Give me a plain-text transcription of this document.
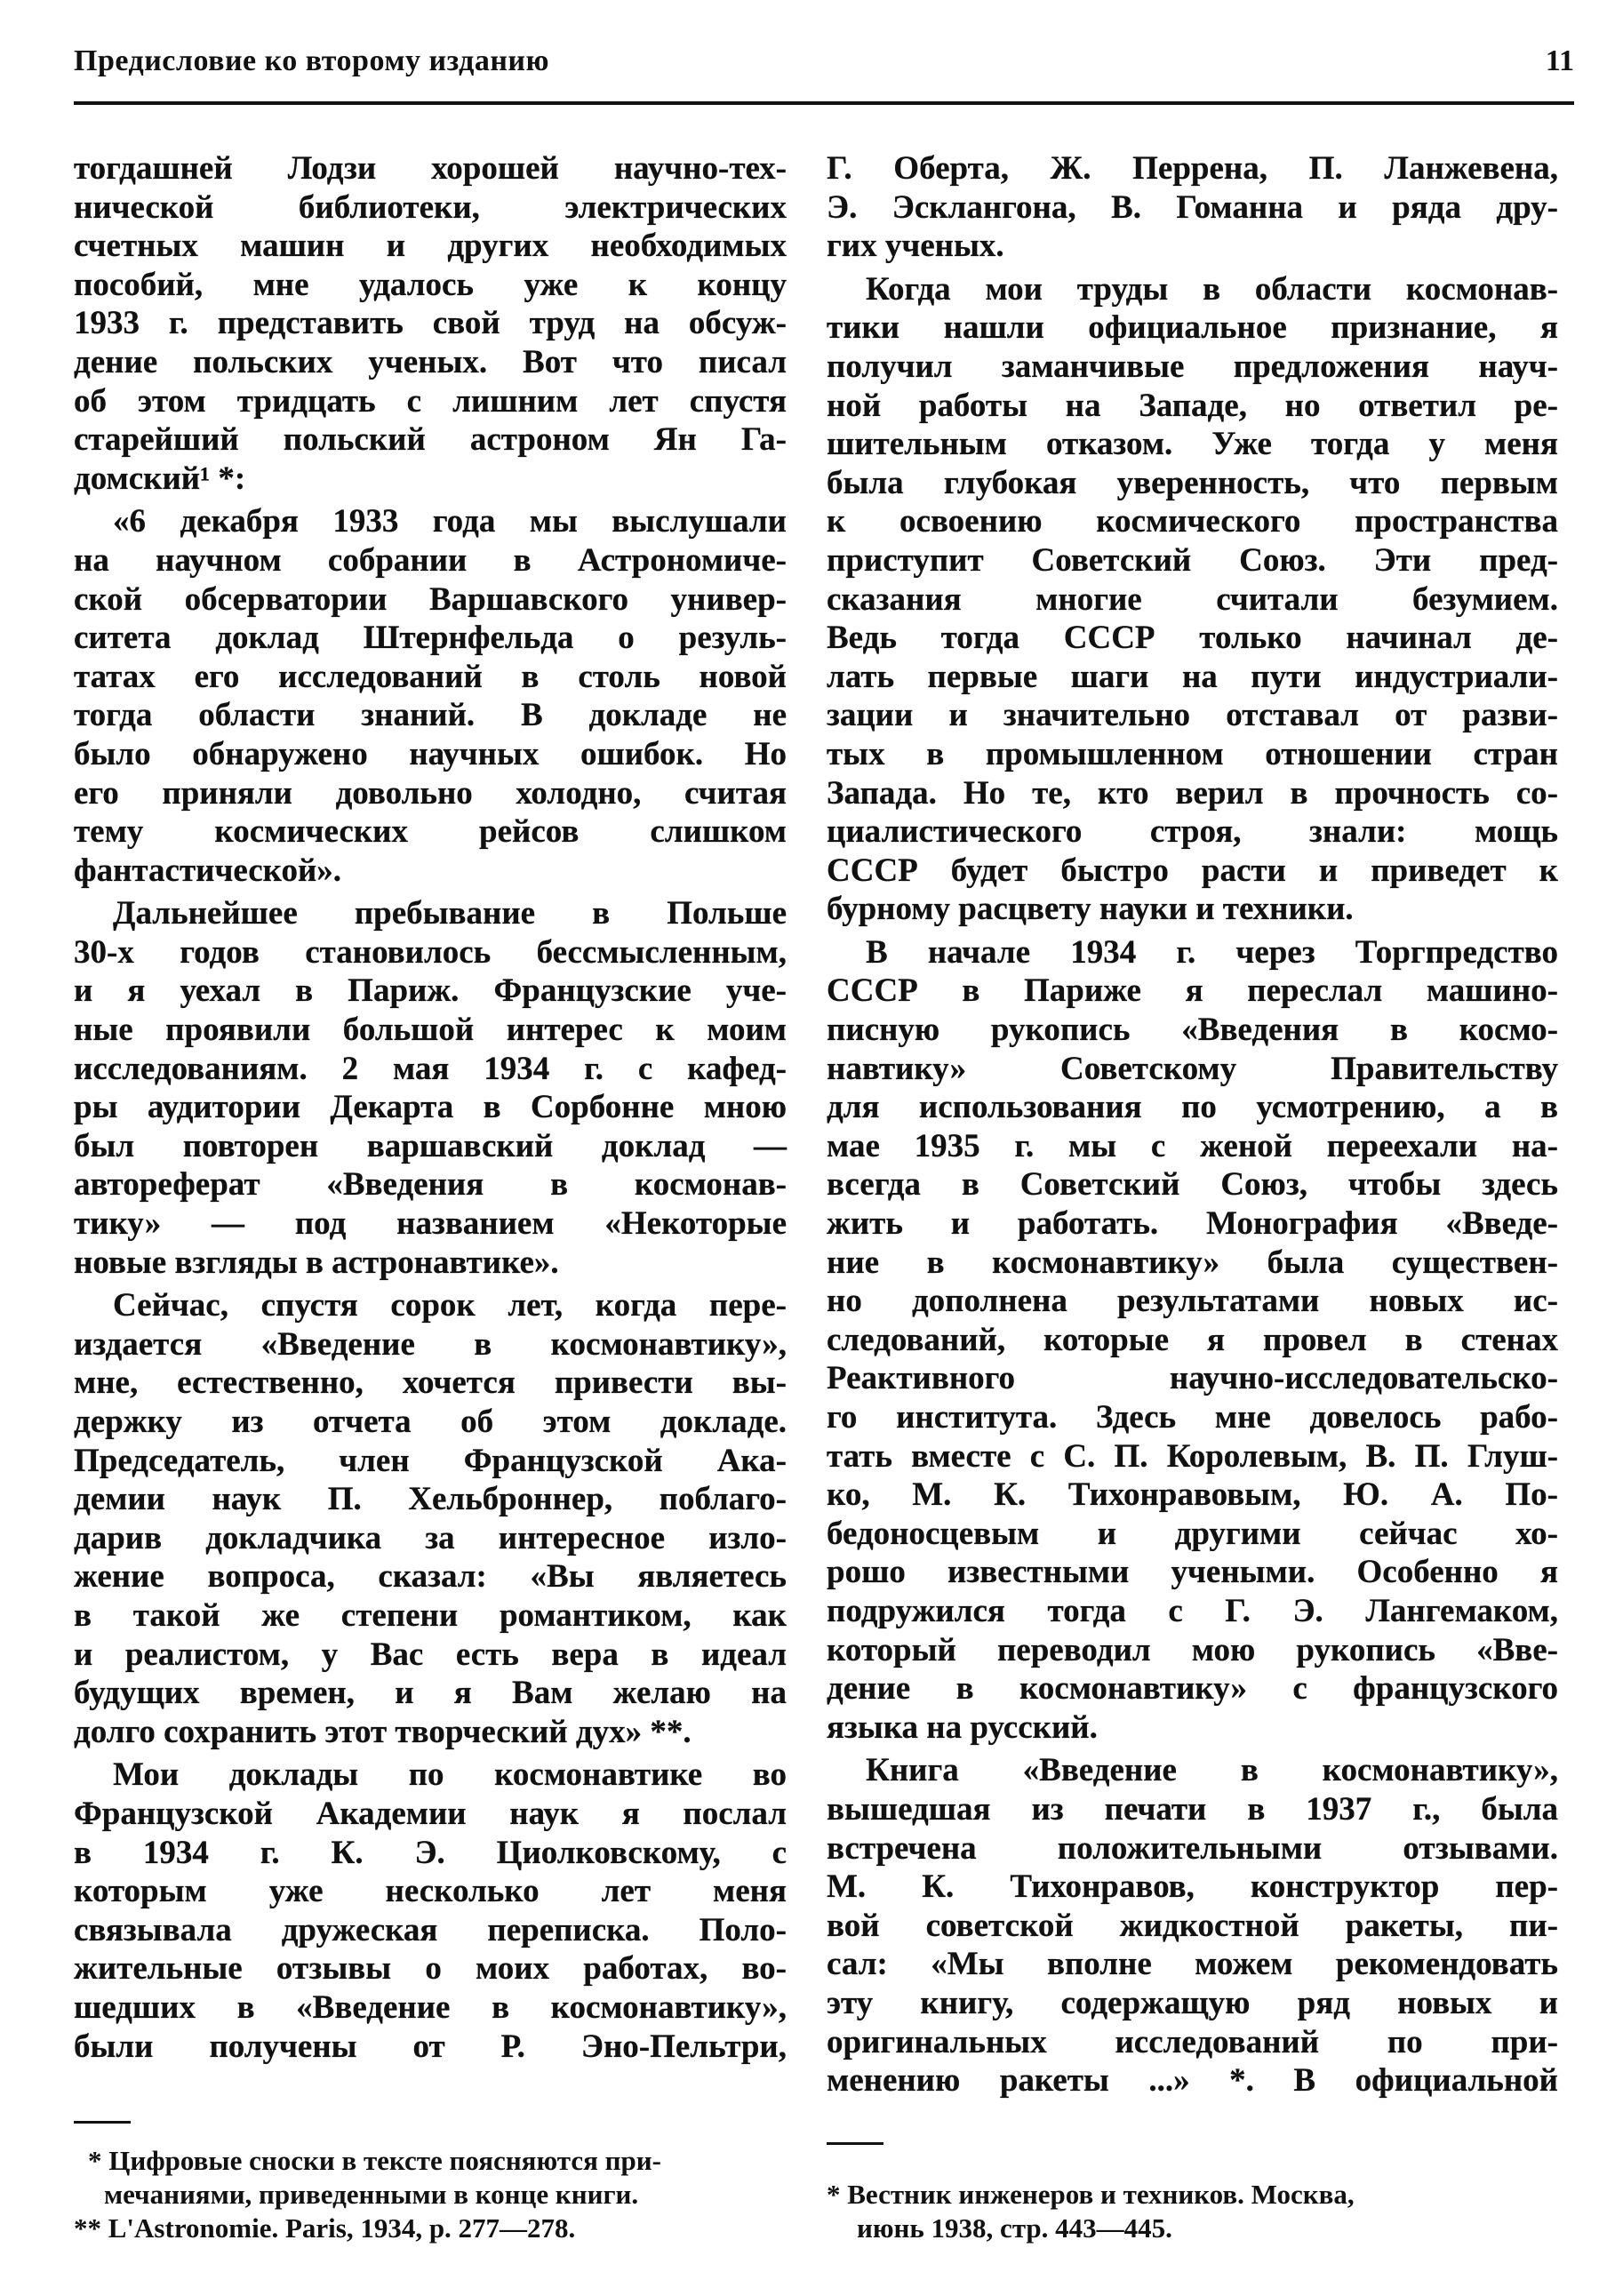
Предисловие ко второму изданию	11
тогдашней Лодзи хорошей научно-тех-
нической библиотеки, электрических
счетных машин и других необходимых
пособий, мне удалось уже к концу
1933 г. представить свой труд на обсуж-
дение польских ученых. Вот что писал
об этом тридцать с лишним лет спустя
старейший польский астроном Ян Га-
домский¹ *:
«6 декабря 1933 года мы выслушали
на научном собрании в Астрономиче-
ской обсерватории Варшавского универ-
ситета доклад Штернфельда о резуль-
татах его исследований в столь новой
тогда области знаний. В докладе не
было обнаружено научных ошибок. Но
его приняли довольно холодно, считая
тему космических рейсов слишком
фантастической».
Дальнейшее пребывание в Польше
30-х годов становилось бессмысленным,
и я уехал в Париж. Французские уче-
ные проявили большой интерес к моим
исследованиям. 2 мая 1934 г. с кафед-
ры аудитории Декарта в Сорбонне мною
был повторен варшавский доклад —
автореферат «Введения в космонав-
тику» — под названием «Некоторые
новые взгляды в астронавтике».
Сейчас, спустя сорок лет, когда пере-
издается «Введение в космонавтику»,
мне, естественно, хочется привести вы-
держку из отчета об этом докладе.
Председатель, член Французской Ака-
демии наук П. Хельброннер, поблаго-
дарив докладчика за интересное изло-
жение вопроса, сказал: «Вы являетесь
в такой же степени романтиком, как
и реалистом, у Вас есть вера в идеал
будущих времен, и я Вам желаю на
долго сохранить этот творческий дух» **.
Мои доклады по космонавтике во
Французской Академии наук я послал
в 1934 г. К. Э. Циолковскому, с
которым уже несколько лет меня
связывала дружеская переписка. Поло-
жительные отзывы о моих работах, во-
шедших в «Введение в космонавтику»,
были получены от Р. Эно-Пельтри,
Г. Оберта, Ж. Перрена, П. Ланжевена,
Э. Эсклангона, В. Гоманна и ряда дру-
гих ученых.
Когда мои труды в области космонав-
тики нашли официальное признание, я
получил заманчивые предложения науч-
ной работы на Западе, но ответил ре-
шительным отказом. Уже тогда у меня
была глубокая уверенность, что первым
к освоению космического пространства
приступит Советский Союз. Эти пред-
сказания многие считали безумием.
Ведь тогда СССР только начинал де-
лать первые шаги на пути индустриали-
зации и значительно отставал от разви-
тых в промышленном отношении стран
Запада. Но те, кто верил в прочность со-
циалистического строя, знали: мощь
СССР будет быстро расти и приведет к
бурному расцвету науки и техники.
В начале 1934 г. через Торгпредство
СССР в Париже я переслал машино-
писную рукопись «Введения в космо-
навтику» Советскому Правительству
для использования по усмотрению, а в
мае 1935 г. мы с женой переехали на-
всегда в Советский Союз, чтобы здесь
жить и работать. Монография «Введе-
ние в космонавтику» была существен-
но дополнена результатами новых ис-
следований, которые я провел в стенах
Реактивного научно-исследовательско-
го института. Здесь мне довелось рабо-
тать вместе с С. П. Королевым, В. П. Глуш-
ко, М. К. Тихонравовым, Ю. А. По-
бедоносцевым и другими сейчас хо-
рошо известными учеными. Особенно я
подружился тогда с Г. Э. Лангемаком,
который переводил мою рукопись «Вве-
дение в космонавтику» с французского
языка на русский.
Книга «Введение в космонавтику»,
вышедшая из печати в 1937 г., была
встречена положительными отзывами.
М. К. Тихонравов, конструктор пер-
вой советской жидкостной ракеты, пи-
сал: «Мы вполне можем рекомендовать
эту книгу, содержащую ряд новых и
оригинальных исследований по при-
менению ракеты ...» *. В официальной
* Цифровые сноски в тексте поясняются при-
мечаниями, приведенными в конце книги.
** L'Astronomie. Paris, 1934, p. 277—278.
* Вестник инженеров и техников. Москва,
июнь 1938, стр. 443—445.
